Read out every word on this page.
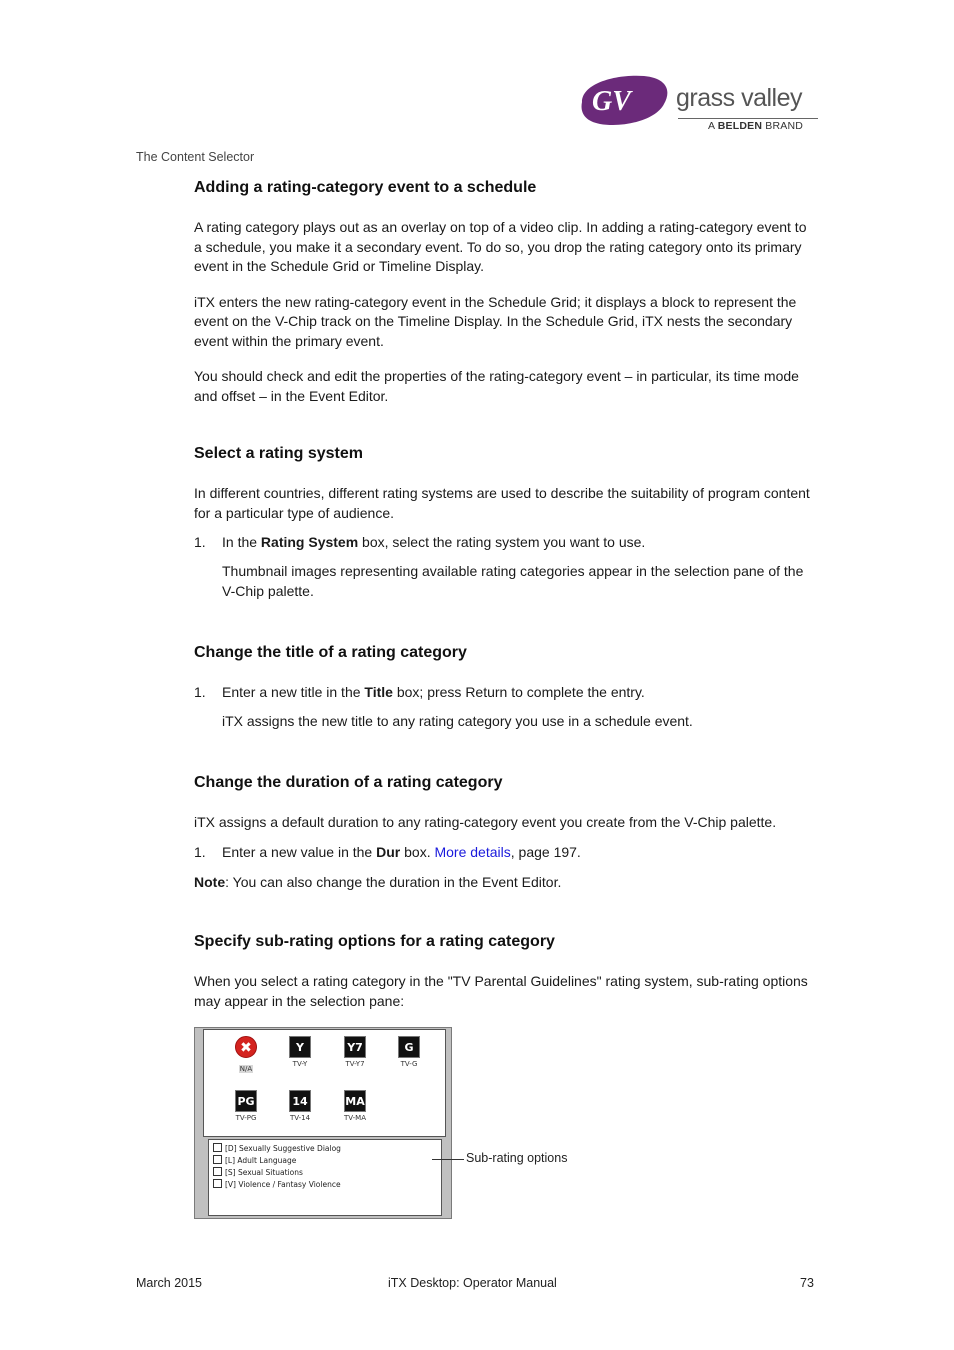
GV grass valley
A BELDEN BRAND
The Content Selector
Adding a rating-category event to a schedule

A rating category plays out as an overlay on top of a video clip. In adding a rating-category event to a schedule, you make it a secondary event. To do so, you drop the rating category onto its primary event in the Schedule Grid or Timeline Display.

iTX enters the new rating-category event in the Schedule Grid; it displays a block to represent the event on the V-Chip track on the Timeline Display. In the Schedule Grid, iTX nests the secondary event within the primary event.

You should check and edit the properties of the rating-category event – in particular, its time mode and offset – in the Event Editor.

Select a rating system

In different countries, different rating systems are used to describe the suitability of program content for a particular type of audience.

1. In the Rating System box, select the rating system you want to use.

Thumbnail images representing available rating categories appear in the selection pane of the V-Chip palette.

Change the title of a rating category

1. Enter a new title in the Title box; press Return to complete the entry.

iTX assigns the new title to any rating category you use in a schedule event.

Change the duration of a rating category

iTX assigns a default duration to any rating-category event you create from the V-Chip palette.

1. Enter a new value in the Dur box. More details, page 197.

Note: You can also change the duration in the Event Editor.

Specify sub-rating options for a rating category

When you select a rating category in the "TV Parental Guidelines" rating system, sub-rating options may appear in the selection pane:

✖
N/A
Y
TV-Y
Y7
TV-Y7
G
TV-G
PG
TV-PG
14
TV-14
MA
TV-MA
[D] Sexually Suggestive Dialog
[L] Adult Language
[S] Sexual Situations
[V] Violence / Fantasy Violence
Sub-rating options
March 2015	iTX Desktop: Operator Manual	73
